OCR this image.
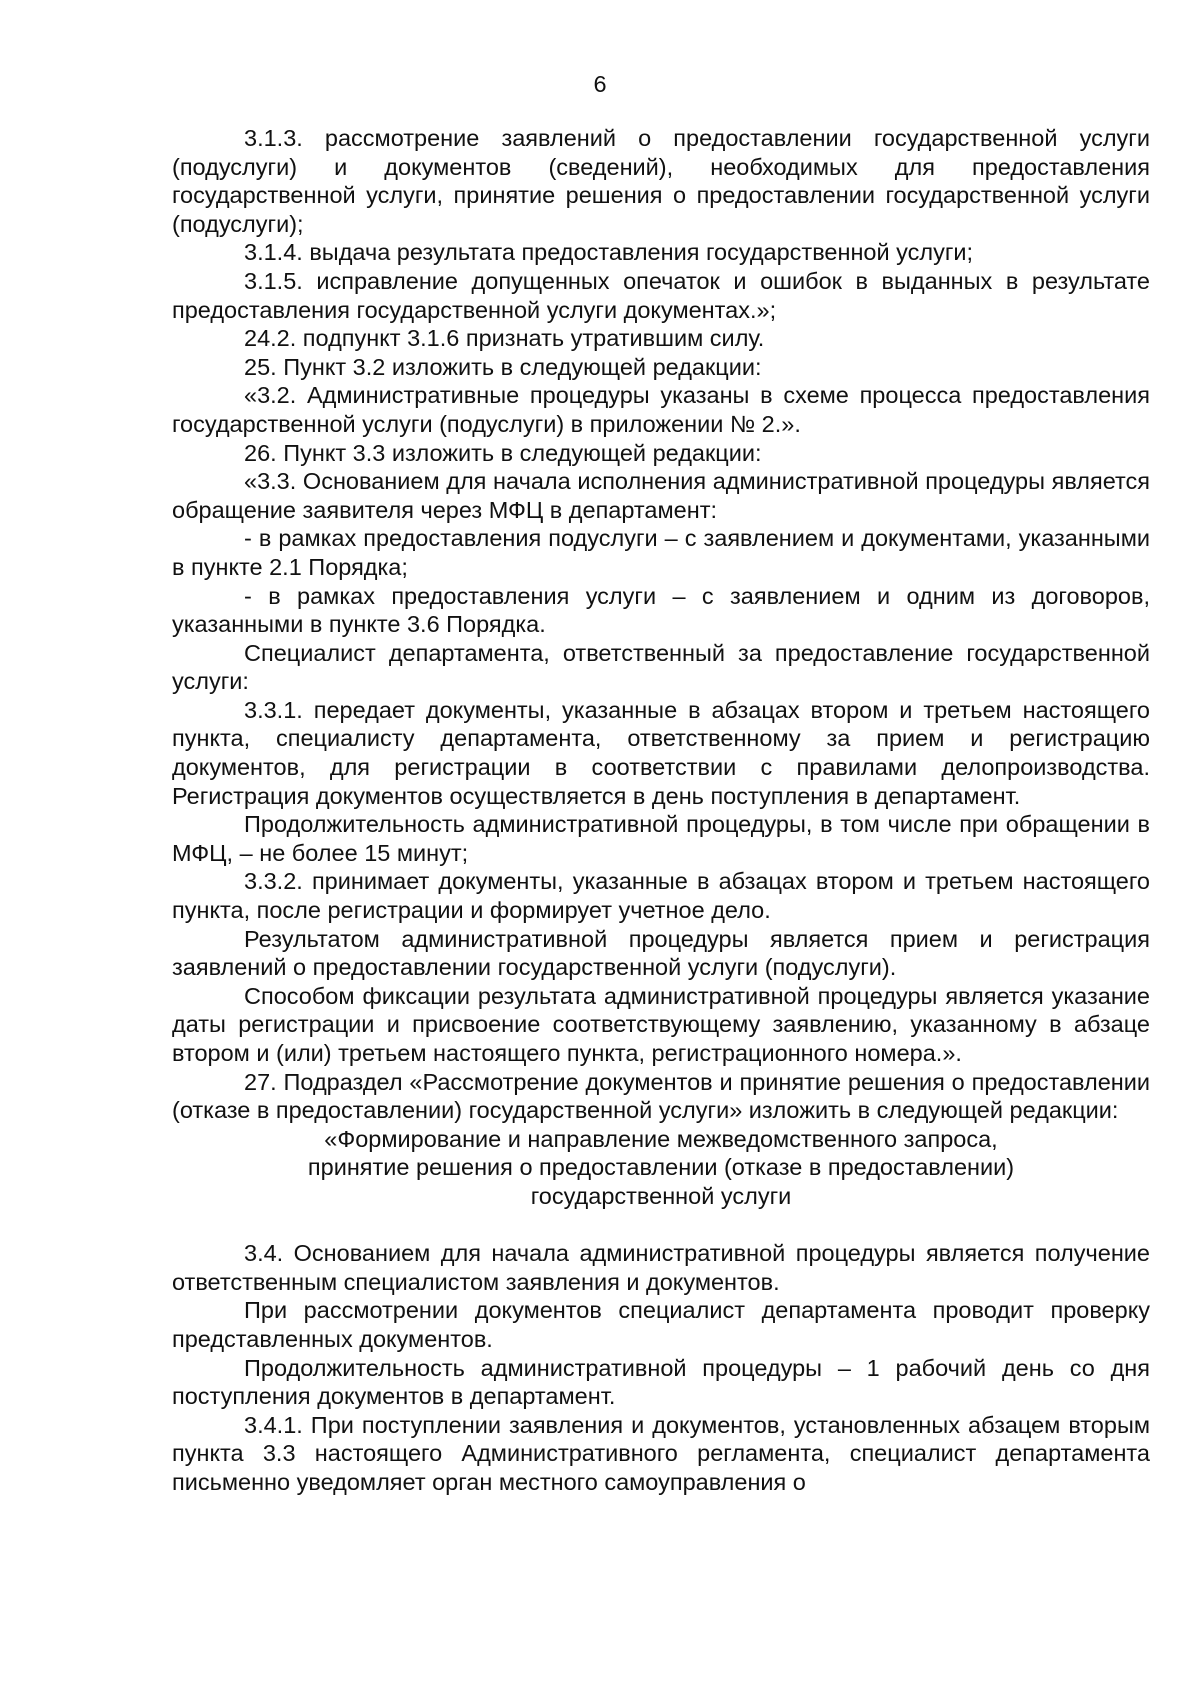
6

3.1.3. рассмотрение заявлений о предоставлении государственной услуги (подуслуги) и документов (сведений), необходимых для предоставления государственной услуги, принятие решения о предоставлении государственной услуги (подуслуги);

3.1.4. выдача результата предоставления государственной услуги;

3.1.5. исправление допущенных опечаток и ошибок в выданных в результате предоставления государственной услуги документах.»;

24.2. подпункт 3.1.6 признать утратившим силу.

25. Пункт 3.2 изложить в следующей редакции:

«3.2. Административные процедуры указаны в схеме процесса предоставления государственной услуги (подуслуги) в приложении № 2.».

26. Пункт 3.3 изложить в следующей редакции:

«3.3. Основанием для начала исполнения административной процедуры является обращение заявителя через МФЦ в департамент:

- в рамках предоставления подуслуги – с заявлением и документами, указанными в пункте 2.1 Порядка;

- в рамках предоставления услуги – с заявлением и одним из договоров, указанными в пункте 3.6 Порядка.

Специалист департамента, ответственный за предоставление государственной услуги:

3.3.1. передает документы, указанные в абзацах втором и третьем настоящего пункта, специалисту департамента, ответственному за прием и регистрацию документов, для регистрации в соответствии с правилами делопроизводства. Регистрация документов осуществляется в день поступления в департамент.

Продолжительность административной процедуры, в том числе при обращении в МФЦ, – не более 15 минут;

3.3.2. принимает документы, указанные в абзацах втором и третьем настоящего пункта, после регистрации и формирует учетное дело.

Результатом административной процедуры является прием и регистрация заявлений о предоставлении государственной услуги (подуслуги).

Способом фиксации результата административной процедуры является указание даты регистрации и присвоение соответствующему заявлению, указанному в абзаце втором и (или) третьем настоящего пункта, регистрационного номера.».

27. Подраздел «Рассмотрение документов и принятие решения о предоставлении (отказе в предоставлении) государственной услуги» изложить в следующей редакции:

«Формирование и направление межведомственного запроса,

принятие решения о предоставлении (отказе в предоставлении)

государственной услуги

3.4. Основанием для начала административной процедуры является получение ответственным специалистом заявления и документов.

При рассмотрении документов специалист департамента проводит проверку представленных документов.

Продолжительность административной процедуры – 1 рабочий день со дня поступления документов в департамент.

3.4.1. При поступлении заявления и документов, установленных абзацем вторым пункта 3.3 настоящего Административного регламента, специалист департамента письменно уведомляет орган местного самоуправления о
